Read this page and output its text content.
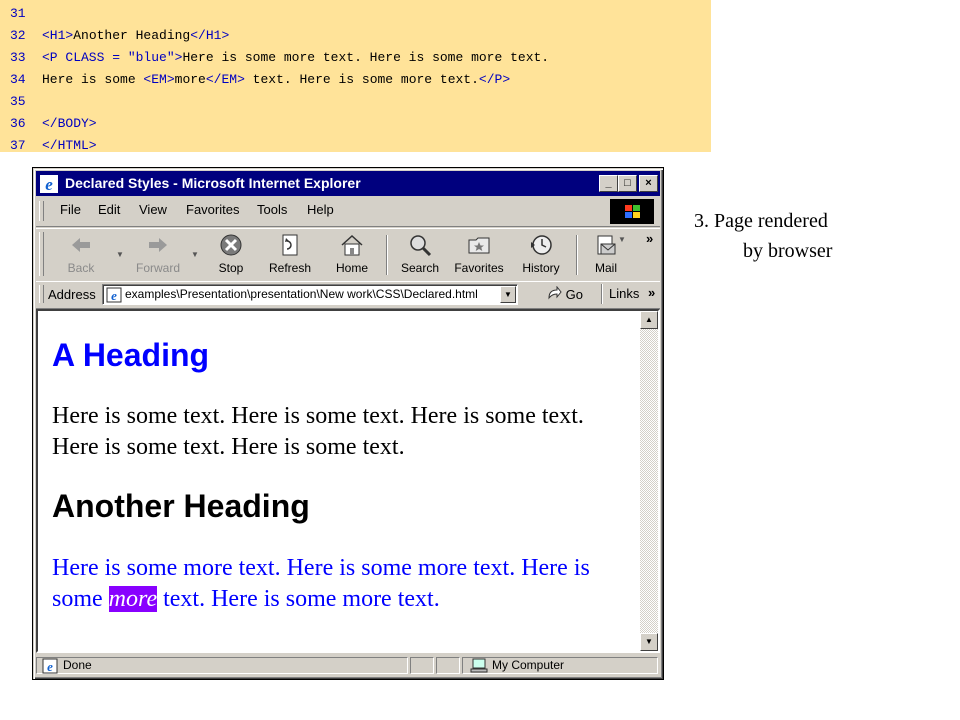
31
32 <H1>Another Heading</H1>
33 <P CLASS = "blue">Here is some more text. Here is some more text.
34 Here is some <EM>more</EM> text. Here is some more text.</P>
35
36 </BODY>
37 </HTML>
3. Page rendered
by browser
e Declared Styles - Microsoft Internet Explorer	_	□	×
File Edit View Favorites Tools Help
Back
▼
Forward
▼
Stop	Refresh	Home	Search	Favorites	History	Mail
▼ »
Address e examples\Presentation\presentation\New work\CSS\Declared.html	▼	Go Links »
A Heading

Here is some text. Here is some text. Here is some text. Here is some text. Here is some text.

Another Heading

Here is some more text. Here is some more text. Here is some more text. Here is some more text.

▲
▼
e Done	My Computer
